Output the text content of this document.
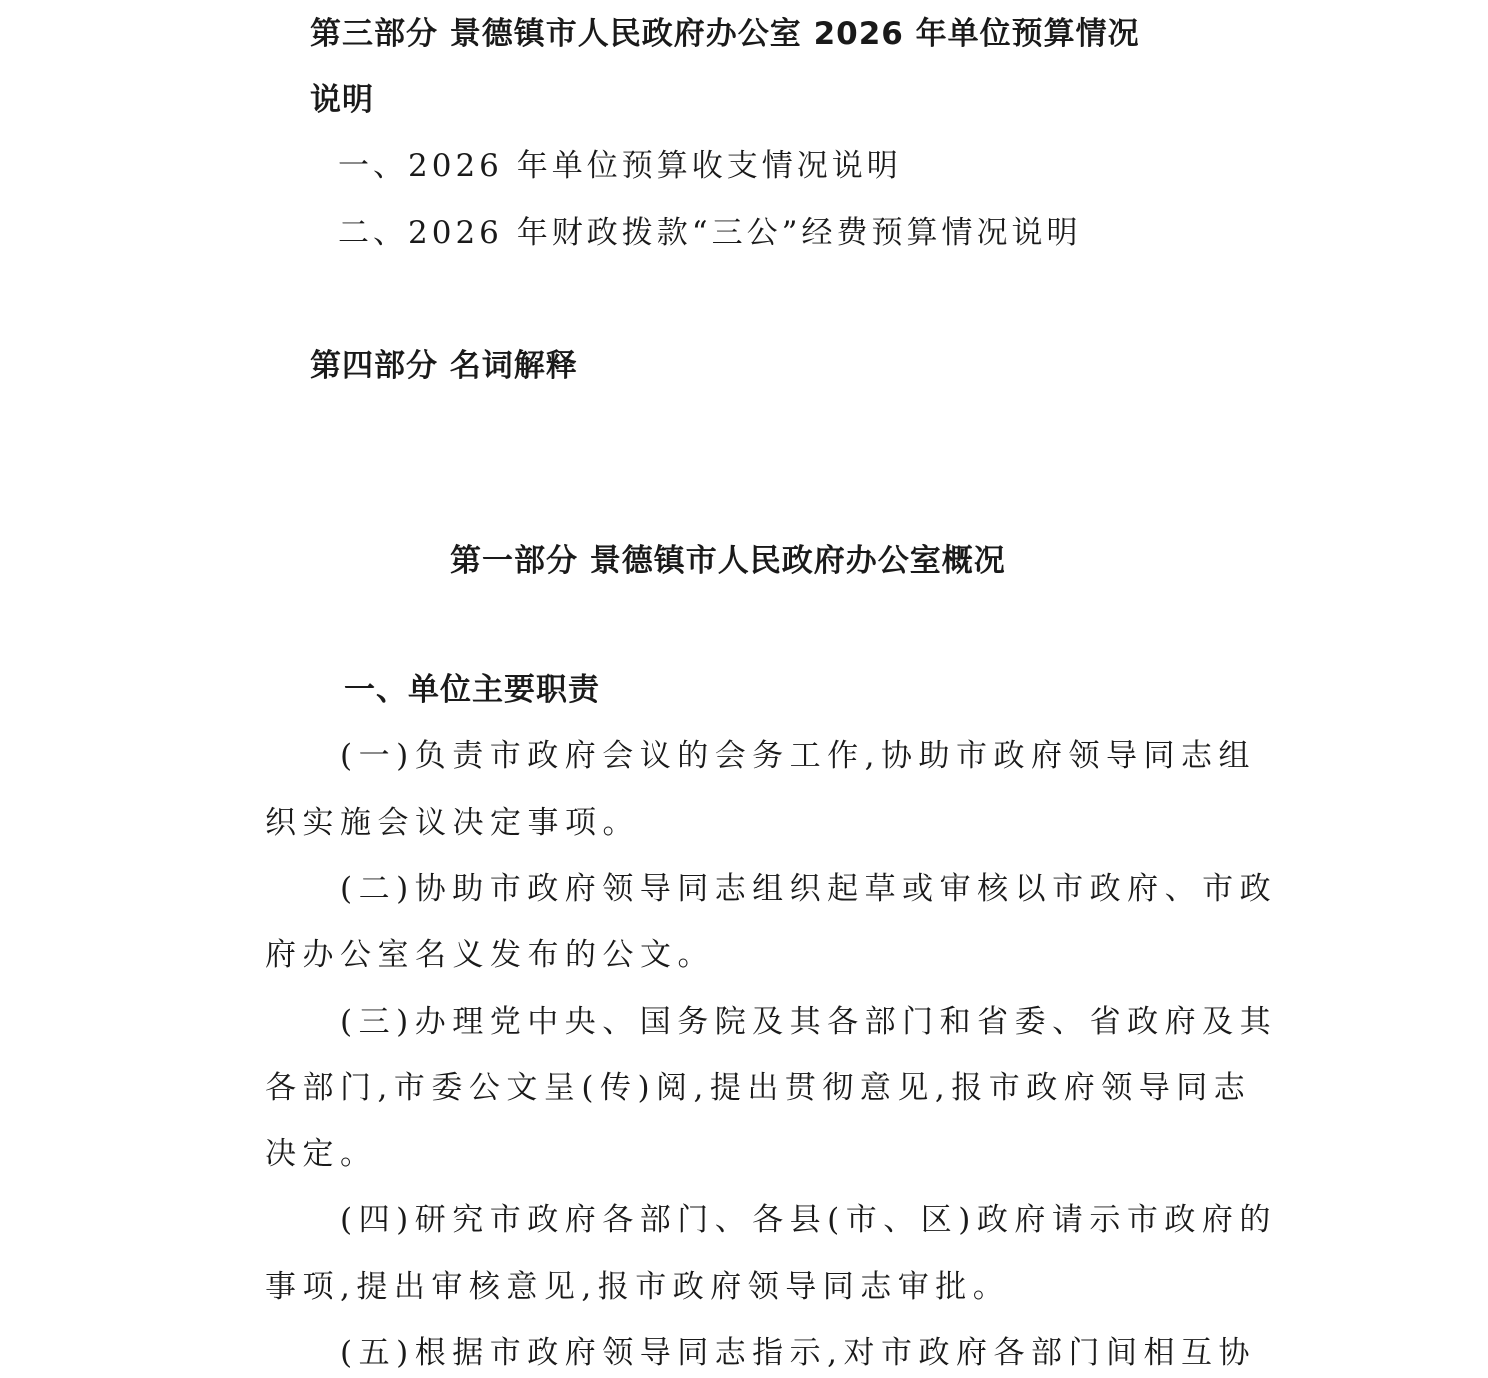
第三部分 景德镇市人民政府办公室 2026 年单位预算情况

说明

一、2026 年单位预算收支情况说明

二、2026 年财政拨款“三公”经费预算情况说明

第四部分 名词解释

第一部分 景德镇市人民政府办公室概况

一、单位主要职责

(一)负责市政府会议的会务工作,协助市政府领导同志组

织实施会议决定事项。

(二)协助市政府领导同志组织起草或审核以市政府、市政

府办公室名义发布的公文。

(三)办理党中央、国务院及其各部门和省委、省政府及其

各部门,市委公文呈(传)阅,提出贯彻意见,报市政府领导同志

决定。

(四)研究市政府各部门、各县(市、区)政府请示市政府的

事项,提出审核意见,报市政府领导同志审批。

(五)根据市政府领导同志指示,对市政府各部门间相互协
